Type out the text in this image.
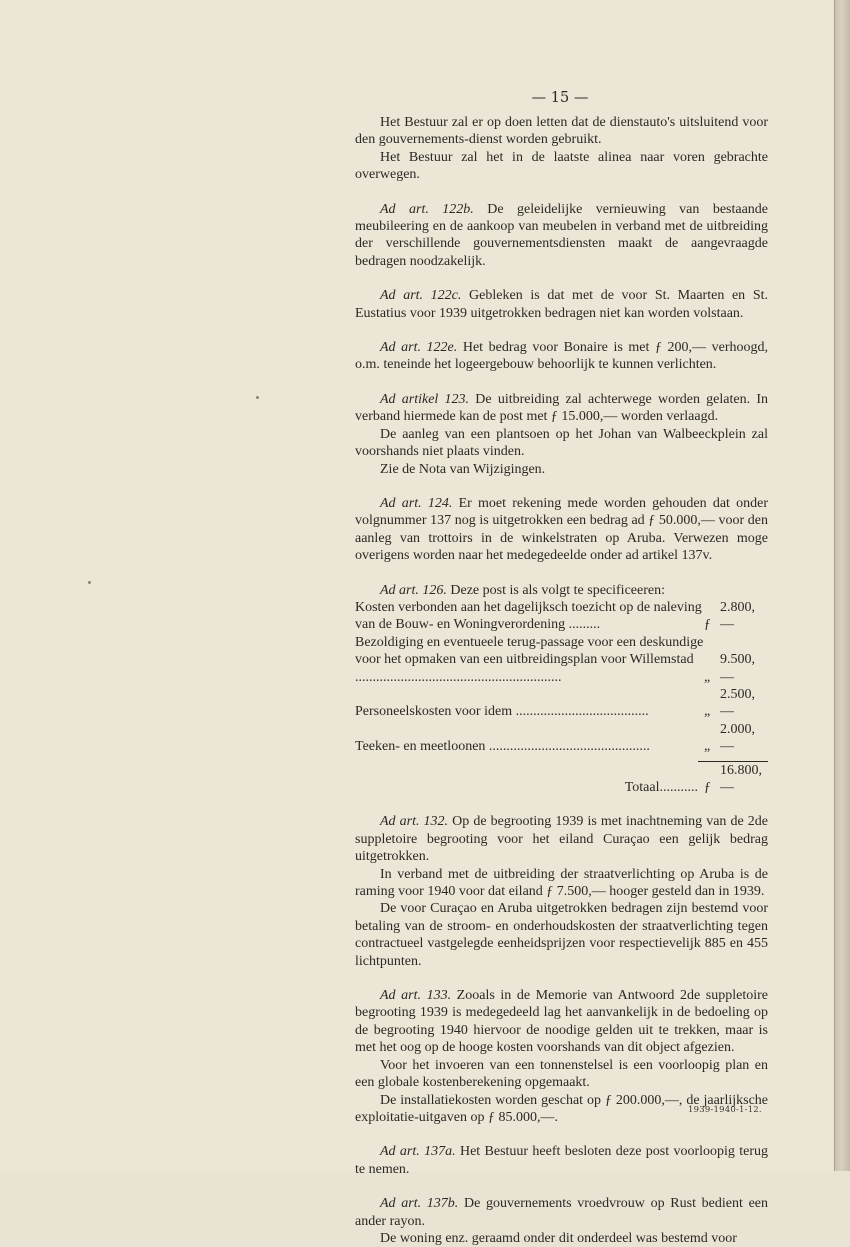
— 15 —

Het Bestuur zal er op doen letten dat de dienstauto's uitsluitend voor den gouvernements-dienst worden gebruikt.

Het Bestuur zal het in de laatste alinea naar voren gebrachte overwegen.

Ad art. 122b. De geleidelijke vernieuwing van bestaande meubileering en de aankoop van meubelen in verband met de uitbreiding der verschillende gouvernementsdiensten maakt de aangevraagde bedragen noodzakelijk.

Ad art. 122c. Gebleken is dat met de voor St. Maarten en St. Eustatius voor 1939 uitgetrokken bedragen niet kan worden volstaan.

Ad art. 122e. Het bedrag voor Bonaire is met ƒ 200,— verhoogd, o.m. teneinde het logeergebouw behoorlijk te kunnen verlichten.

Ad artikel 123. De uitbreiding zal achterwege worden gelaten. In verband hiermede kan de post met ƒ 15.000,— worden verlaagd.

De aanleg van een plantsoen op het Johan van Walbeeckplein zal voorshands niet plaats vinden.

Zie de Nota van Wijzigingen.

Ad art. 124. Er moet rekening mede worden gehouden dat onder volgnummer 137 nog is uitgetrokken een bedrag ad ƒ 50.000,— voor den aanleg van trottoirs in de winkelstraten op Aruba. Verwezen moge overigens worden naar het medegedeelde onder ad artikel 137v.

Ad art. 126. Deze post is als volgt te specificeeren:

Kosten verbonden aan het dagelijksch toezicht op de naleving van de Bouw- en Woningverordening .........	ƒ	2.800,—
Bezoldiging en eventueele terug-passage voor een deskundige voor het opmaken van een uitbreidingsplan voor Willemstad ...........................................................	„	9.500,—
Personeelskosten voor idem ......................................	„	2.500,—
Teeken- en meetloonen ..............................................	„	2.000,—

Totaal...........	ƒ	16.800,—

Ad art. 132. Op de begrooting 1939 is met inachtneming van de 2de suppletoire begrooting voor het eiland Curaçao een gelijk bedrag uitgetrokken.

In verband met de uitbreiding der straatverlichting op Aruba is de raming voor 1940 voor dat eiland ƒ 7.500,— hooger gesteld dan in 1939.

De voor Curaçao en Aruba uitgetrokken bedragen zijn bestemd voor betaling van de stroom- en onderhoudskosten der straatverlichting tegen contractueel vastgelegde eenheidsprijzen voor respectievelijk 885 en 455 lichtpunten.

Ad art. 133. Zooals in de Memorie van Antwoord 2de suppletoire begrooting 1939 is medegedeeld lag het aanvankelijk in de bedoeling op de begrooting 1940 hiervoor de noodige gelden uit te trekken, maar is met het oog op de hooge kosten voorshands van dit object afgezien.

Voor het invoeren van een tonnenstelsel is een voorloopig plan en een globale kostenberekening opgemaakt.

De installatiekosten worden geschat op ƒ 200.000,—, de jaarlijksche exploitatie-uitgaven op ƒ 85.000,—.

Ad art. 137a. Het Bestuur heeft besloten deze post voorloopig terug te nemen.

Ad art. 137b. De gouvernements vroedvrouw op Rust bedient een ander rayon.

De woning enz. geraamd onder dit onderdeel was bestemd voor

1939-1940-1-12.
